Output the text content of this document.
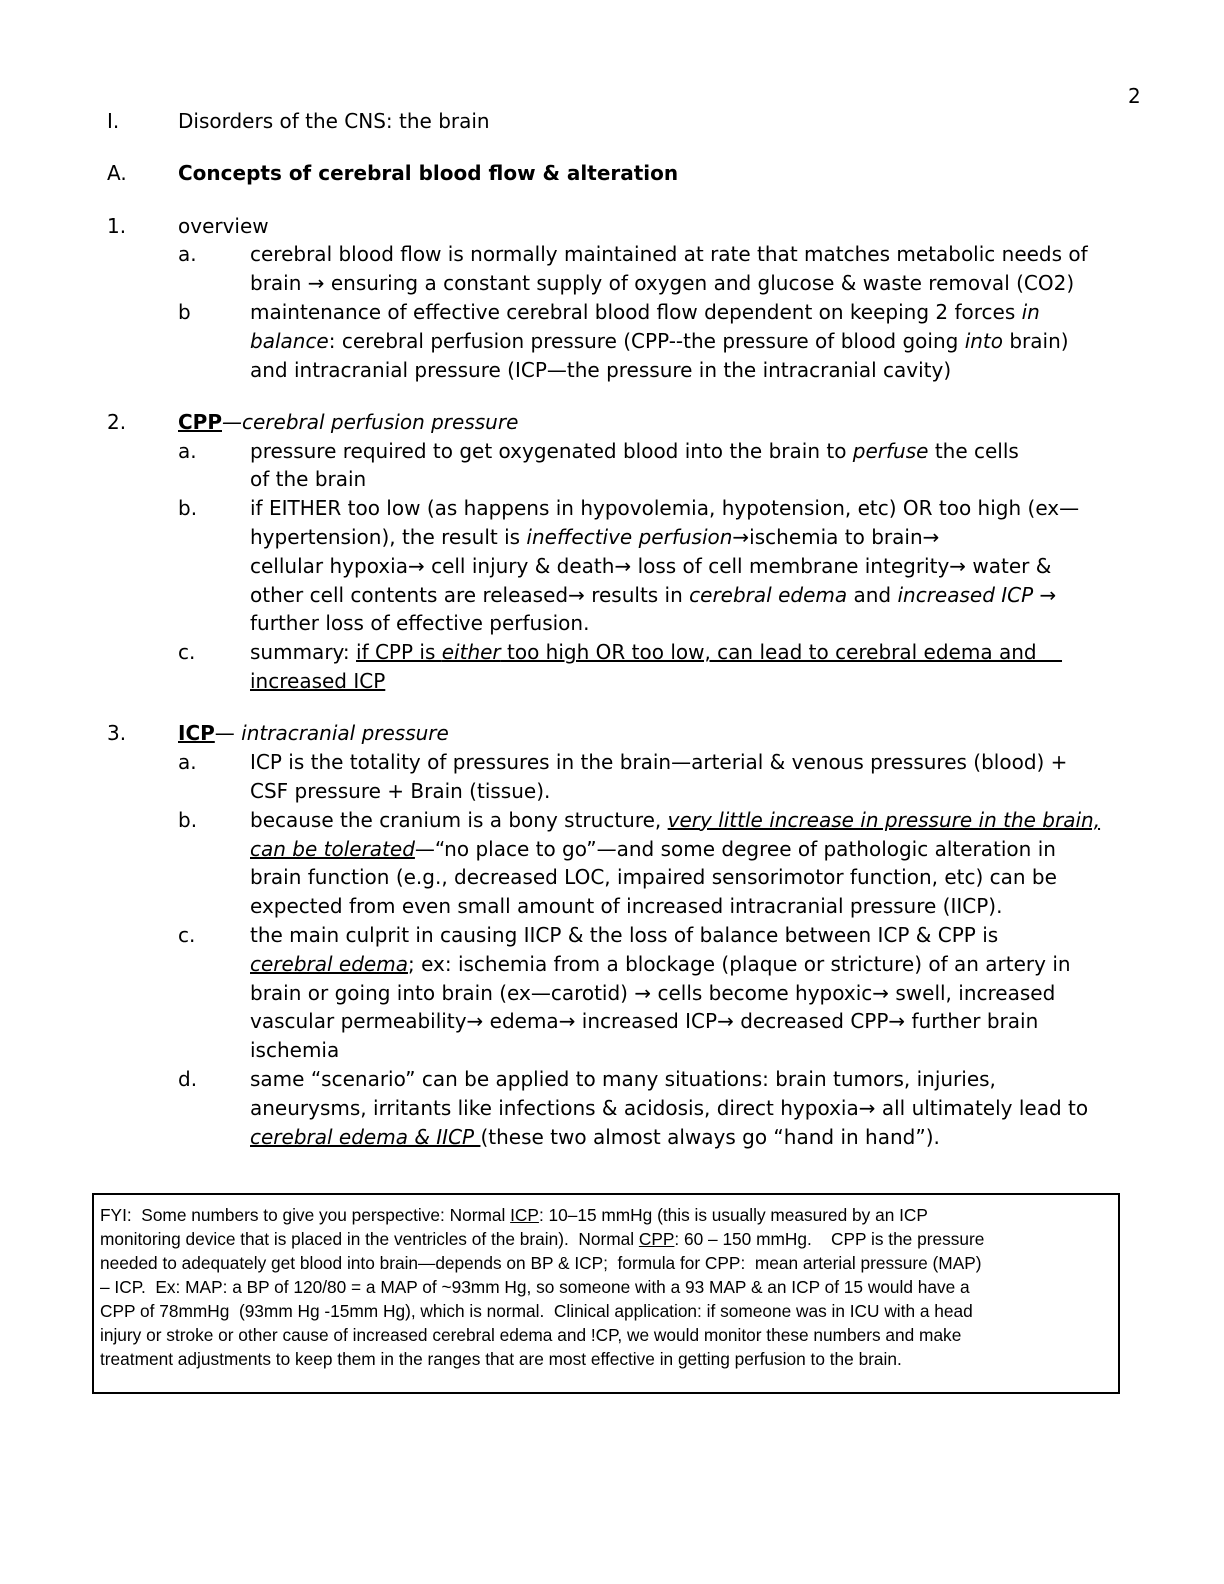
2
I.	Disorders of the CNS: the brain
A.	Concepts of cerebral blood flow & alteration
1.	overview
a.	cerebral blood flow is normally maintained at rate that matches metabolic needs of
brain → ensuring a constant supply of oxygen and glucose & waste removal (CO2)
b	maintenance of effective cerebral blood flow dependent on keeping 2 forces in
balance: cerebral perfusion pressure (CPP--the pressure of blood going into brain)
and intracranial pressure (ICP—the pressure in the intracranial cavity)
2.	CPP—cerebral perfusion pressure
a.	pressure required to get oxygenated blood into the brain to perfuse the cells
of the brain
b.	if EITHER too low (as happens in hypovolemia, hypotension, etc) OR too high (ex—
hypertension), the result is ineffective perfusion→ischemia to brain→
cellular hypoxia→ cell injury & death→ loss of cell membrane integrity→ water &
other cell contents are released→ results in cerebral edema and increased ICP →
further loss of effective perfusion.
c.	summary: if CPP is either too high OR too low, can lead to cerebral edema and
increased ICP
3.	ICP— intracranial pressure
a.	ICP is the totality of pressures in the brain—arterial & venous pressures (blood) +
CSF pressure + Brain (tissue).
b.	because the cranium is a bony structure, very little increase in pressure in the brain,
can be tolerated—“no place to go”—and some degree of pathologic alteration in
brain function (e.g., decreased LOC, impaired sensorimotor function, etc) can be
expected from even small amount of increased intracranial pressure (IICP).
c.	the main culprit in causing IICP & the loss of balance between ICP & CPP is
cerebral edema; ex: ischemia from a blockage (plaque or stricture) of an artery in
brain or going into brain (ex—carotid) → cells become hypoxic→ swell, increased
vascular permeability→ edema→ increased ICP→ decreased CPP→ further brain
ischemia
d.	same “scenario” can be applied to many situations: brain tumors, injuries,
aneurysms, irritants like infections & acidosis, direct hypoxia→ all ultimately lead to
cerebral edema & IICP (these two almost always go “hand in hand”).
FYI:  Some numbers to give you perspective: Normal ICP: 10–15 mmHg (this is usually measured by an ICP
monitoring device that is placed in the ventricles of the brain).  Normal CPP: 60 – 150 mmHg.    CPP is the pressure
needed to adequately get blood into brain—depends on BP & ICP;  formula for CPP:  mean arterial pressure (MAP)
– ICP.  Ex: MAP: a BP of 120/80 = a MAP of ~93mm Hg, so someone with a 93 MAP & an ICP of 15 would have a
CPP of 78mmHg  (93mm Hg -15mm Hg), which is normal.  Clinical application: if someone was in ICU with a head
injury or stroke or other cause of increased cerebral edema and !CP, we would monitor these numbers and make
treatment adjustments to keep them in the ranges that are most effective in getting perfusion to the brain.
